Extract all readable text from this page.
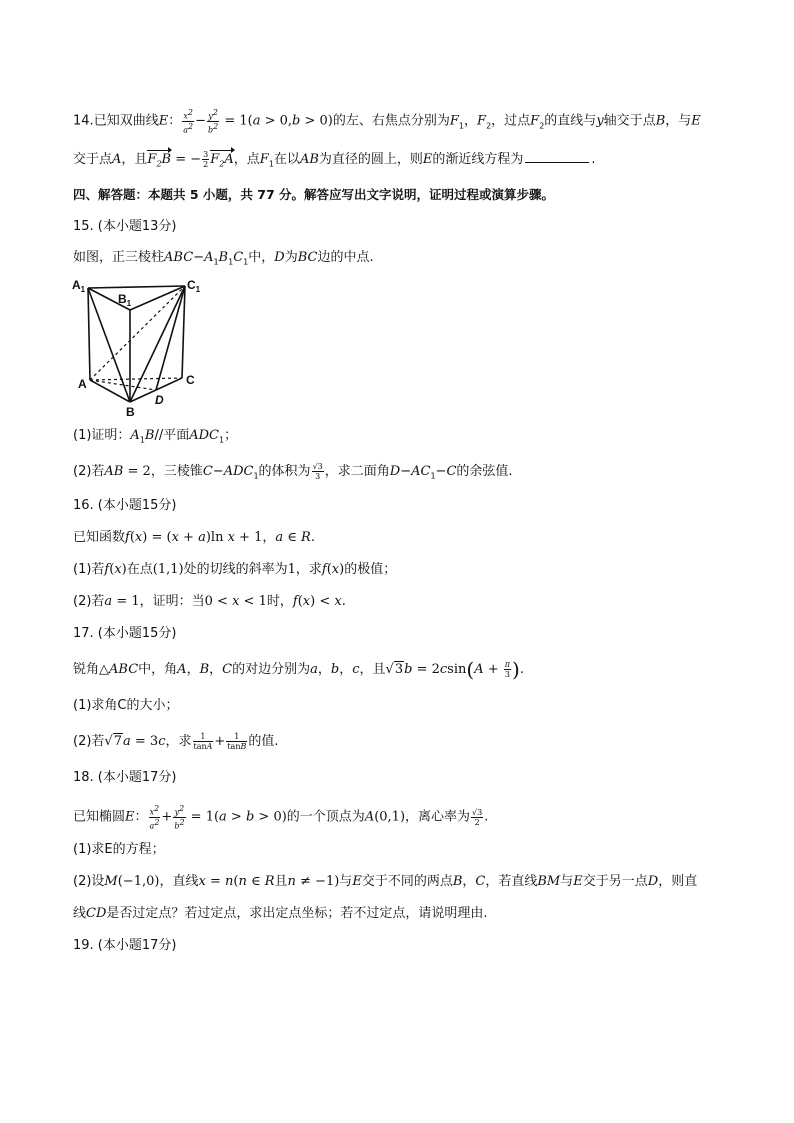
14.已知双曲线E： $\frac{x^2}{a^2} - \frac{y^2}{b^2} = 1(a > 0,b > 0)$的左、右焦点分别为$F_1$，$F_2$，过点$F_2$的直线与y轴交于点B，与E
交于点A，且$F_2B$ = − $\frac{3}{2} F_2A$，点$F_1$在以AB为直径的圆上，则E的渐近线方程为	.
四、解答题：本题共 5 小题，共 77 分。解答应写出文字说明，证明过程或演算步骤。
15. (本小题13分)
如图，正三棱柱$ABC-A_1B_1C_1$中，D为BC边的中点.
$A_1$
$B_1$
$C_1$
A
B
C
D
(1)证明：$A_1B//$平面$ADC_1$；
(2)若AB = 2，三棱锥$C-ADC_1$的体积为 $\frac{√3}{3}$ ，求二面角$D-AC_1-C$的余弦值.
16. (本小题15分)
已知函数f(x) = (x + a)ln x + 1，a ∈ R.
(1)若f(x)在点(1,1)处的切线的斜率为1，求f(x)的极值；
(2)若a = 1，证明：当0 < x < 1时，f(x) < x.
17. (本小题15分)
锐角△ABC中，角A，B，C的对边分别为a，b，c，且$√3b = 2csin(A + \frac{\pi}{3}$ ).
(1)求角C的大小；
(2)若√7a = 3c，求 $\frac{1}{\tan A} + \frac{1}{\tan B}$ 的值.
18. (本小题17分)
已知椭圆E： $\frac{x^2}{a^2} + \frac{y^2}{b^2} = 1(a > b > 0)$的一个顶点为A(0,1)，离心率为 $\frac{√3}{2}$ .
(1)求E的方程；
(2)设M(−1,0)，直线x = n(n ∈ R且n ≠ −1)与E交于不同的两点B，C，若直线BM与E交于另一点D，则直
线CD是否过定点？若过定点，求出定点坐标；若不过定点，请说明理由.
19. (本小题17分)
